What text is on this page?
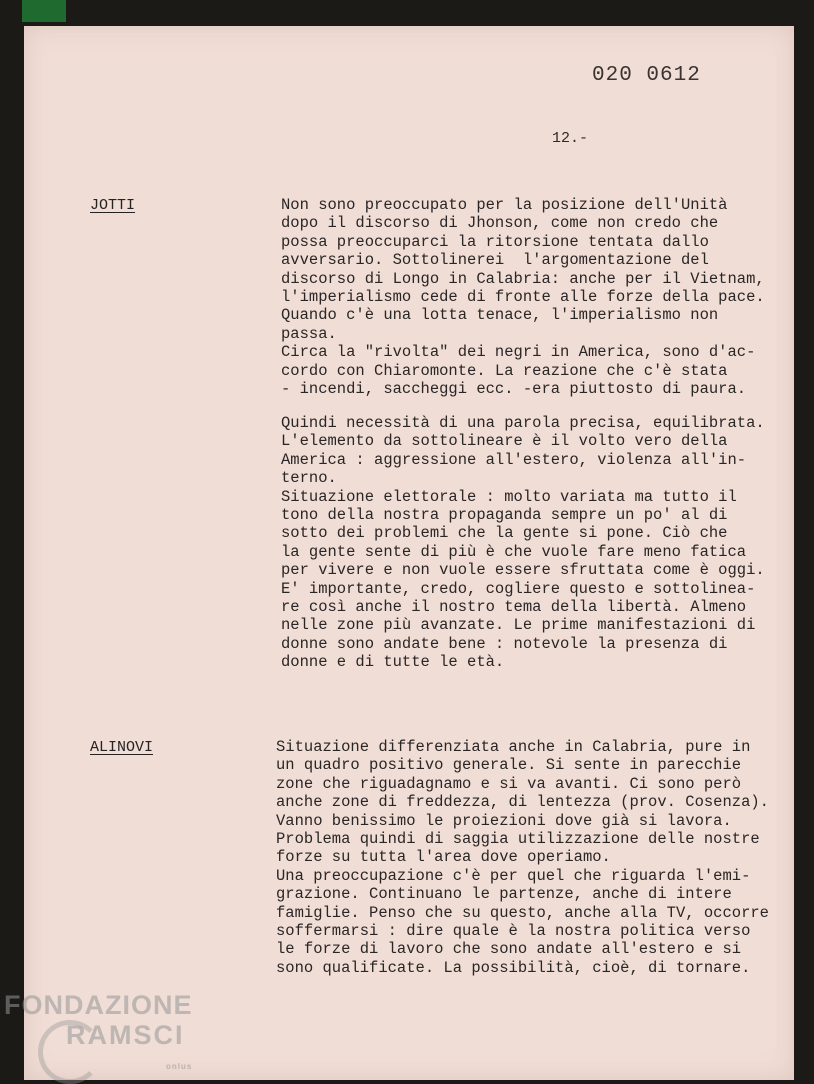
020 0612
12.-
JOTTI	Non sono preoccupato per la posizione dell'Unità
dopo il discorso di Jhonson, come non credo che
possa preoccuparci la ritorsione tentata dallo
avversario. Sottolinerei  l'argomentazione del
discorso di Longo in Calabria: anche per il Vietnam,
l'imperialismo cede di fronte alle forze della pace.
Quando c'è una lotta tenace, l'imperialismo non
passa.
Circa la "rivolta" dei negri in America, sono d'ac-
cordo con Chiaromonte. La reazione che c'è stata
- incendi, saccheggi ecc. -era piuttosto di paura.

Quindi necessità di una parola precisa, equilibrata.
L'elemento da sottolineare è il volto vero della
America : aggressione all'estero, violenza all'in-
terno.
Situazione elettorale : molto variata ma tutto il
tono della nostra propaganda sempre un po' al di
sotto dei problemi che la gente si pone. Ciò che
la gente sente di più è che vuole fare meno fatica
per vivere e non vuole essere sfruttata come è oggi.
E' importante, credo, cogliere questo e sottolinea-
re così anche il nostro tema della libertà. Almeno
nelle zone più avanzate. Le prime manifestazioni di
donne sono andate bene : notevole la presenza di
donne e di tutte le età.

ALINOVI	Situazione differenziata anche in Calabria, pure in
un quadro positivo generale. Si sente in parecchie
zone che riguadagnamo e si va avanti. Ci sono però
anche zone di freddezza, di lentezza (prov. Cosenza).
Vanno benissimo le proiezioni dove già si lavora.
Problema quindi di saggia utilizzazione delle nostre
forze su tutta l'area dove operiamo.
Una preoccupazione c'è per quel che riguarda l'emi-
grazione. Continuano le partenze, anche di intere
famiglie. Penso che su questo, anche alla TV, occorre
soffermarsi : dire quale è la nostra politica verso
le forze di lavoro che sono andate all'estero e si
sono qualificate. La possibilità, cioè, di tornare.

FONDAZIONE
RAMSCI
onlus
